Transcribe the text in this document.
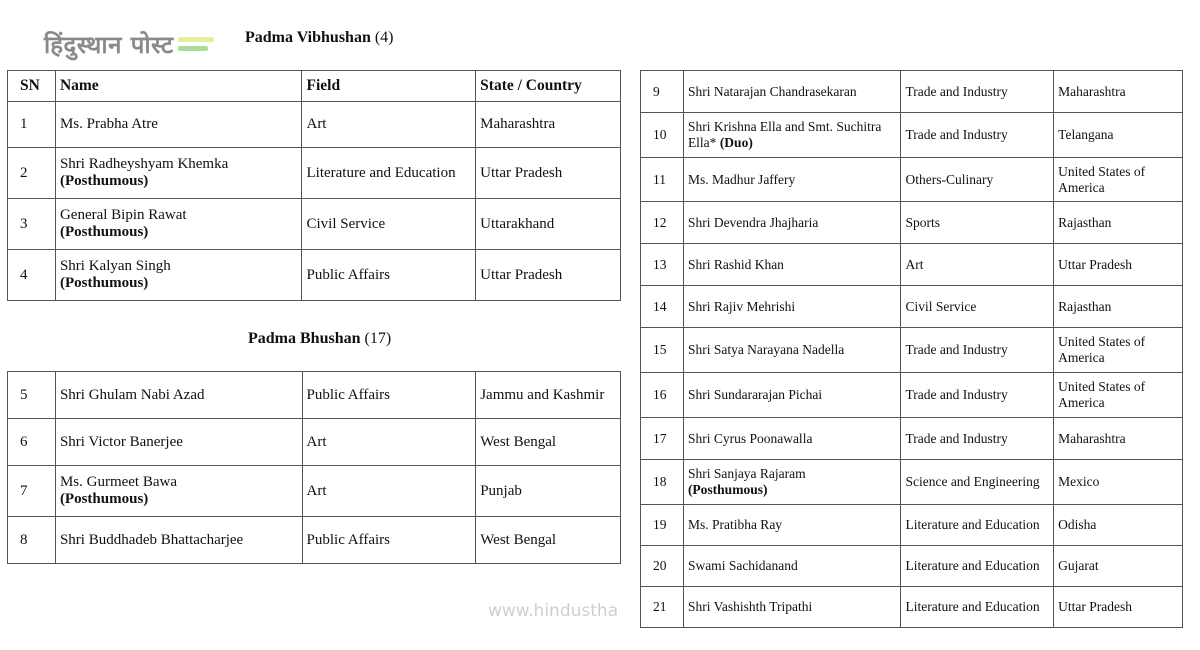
हिंदुस्थान पोस्ट	Padma Vibhushan (4)
Padma Bhushan (17)
SN	Name	Field	State / Country
1	Ms. Prabha Atre	Art	Maharashtra
2	Shri Radheyshyam Khemka
(Posthumous)	Literature and Education	Uttar Pradesh
3	General Bipin Rawat
(Posthumous)	Civil Service	Uttarakhand
4	Shri Kalyan Singh
(Posthumous)	Public Affairs	Uttar Pradesh
5	Shri Ghulam Nabi Azad	Public Affairs	Jammu and Kashmir
6	Shri Victor Banerjee	Art	West Bengal
7	Ms. Gurmeet Bawa
(Posthumous)	Art	Punjab
8	Shri Buddhadeb Bhattacharjee	Public Affairs	West Bengal
9	Shri Natarajan Chandrasekaran	Trade and Industry	Maharashtra
10	Shri Krishna Ella and Smt. Suchitra Ella* (Duo)	Trade and Industry	Telangana
11	Ms. Madhur Jaffery	Others-Culinary	United States of America
12	Shri Devendra Jhajharia	Sports	Rajasthan
13	Shri Rashid Khan	Art	Uttar Pradesh
14	Shri Rajiv Mehrishi	Civil Service	Rajasthan
15	Shri Satya Narayana Nadella	Trade and Industry	United States of America
16	Shri Sundararajan Pichai	Trade and Industry	United States of America
17	Shri Cyrus Poonawalla	Trade and Industry	Maharashtra
18	Shri Sanjaya Rajaram
(Posthumous)	Science and Engineering	Mexico
19	Ms. Pratibha Ray	Literature and Education	Odisha
20	Swami Sachidanand	Literature and Education	Gujarat
21	Shri Vashishth Tripathi	Literature and Education	Uttar Pradesh
www.hindustha
